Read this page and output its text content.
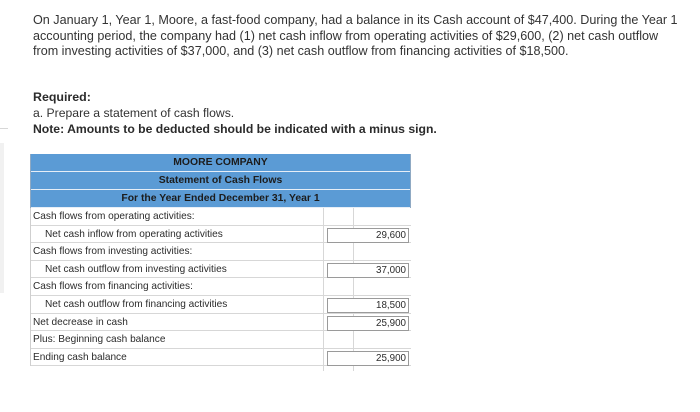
On January 1, Year 1, Moore, a fast-food company, had a balance in its Cash account of $47,400. During the Year 1 accounting period, the company had (1) net cash inflow from operating activities of $29,600, (2) net cash outflow from investing activities of $37,000, and (3) net cash outflow from financing activities of $18,500.
Required:
a. Prepare a statement of cash flows.
Note: Amounts to be deducted should be indicated with a minus sign.
MOORE COMPANY
Statement of Cash Flows
For the Year Ended December 31, Year 1
Cash flows from operating activities:
Net cash inflow from operating activities	29,600
Cash flows from investing activities:
Net cash outflow from investing activities	37,000
Cash flows from financing activities:
Net cash outflow from financing activities	18,500
Net decrease in cash	25,900
Plus: Beginning cash balance
Ending cash balance	25,900
